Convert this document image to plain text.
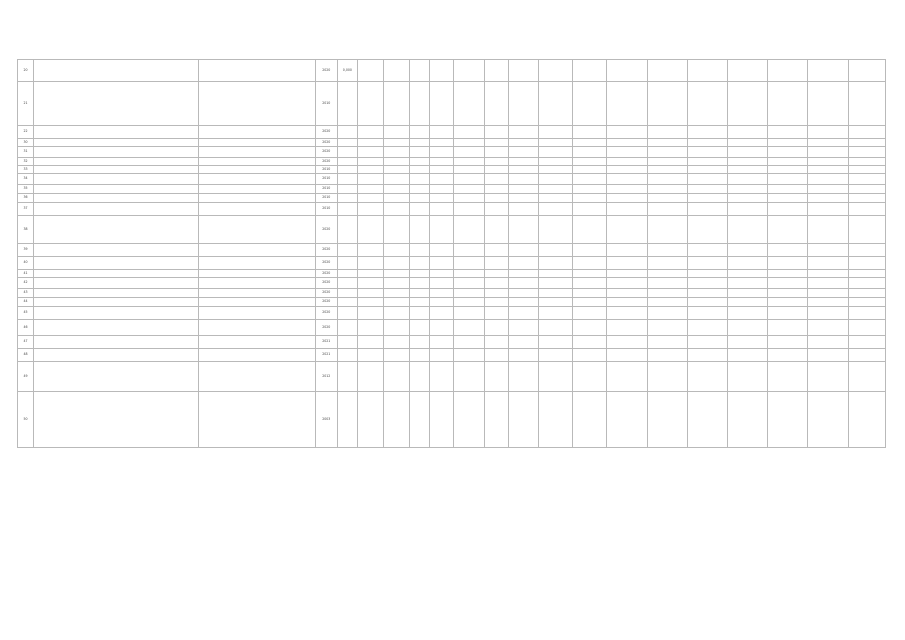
20			2020	0,000																
21			2010																	
22			2020																	
30			2020																	
31			2020																	
32			2020																	
33			2010																	
34			2010																	
35			2010																	
36			2010																	
37			2010																	
38			2020																	
39			2020																	
40			2020																	
41			2020																	
42			2020																	
43			2020																	
44			2020																	
45			2020																	
46			2020																	
47			2021																	
48			2021																	
49			2012																	
50			2003																	
